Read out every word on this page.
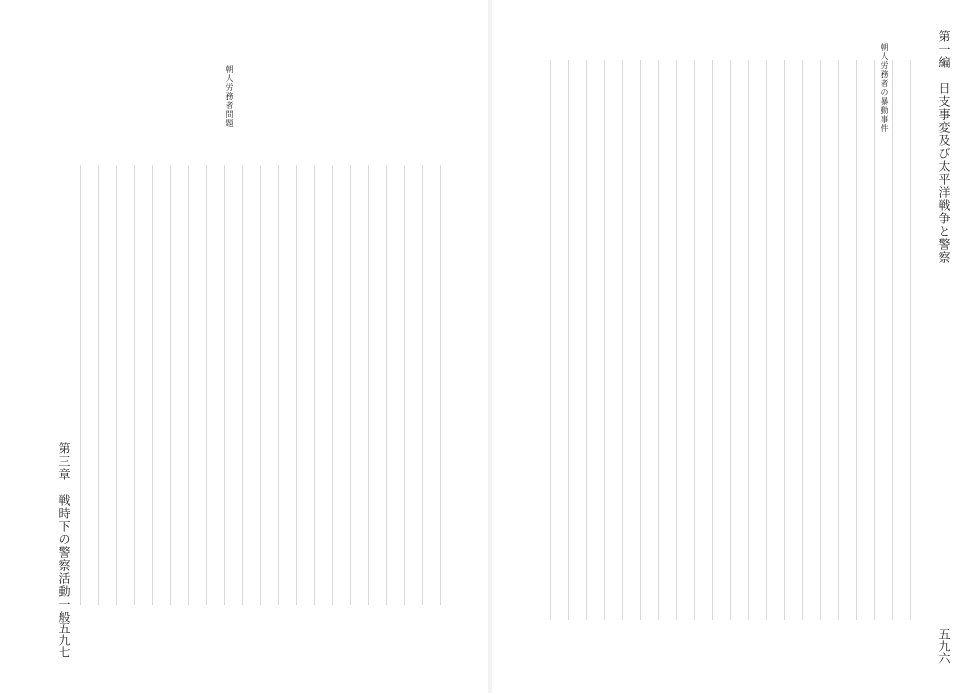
朝人労務者問題
第三章　戦時下の警察活動一般
五九七
第一編　日支事変及び太平洋戦争と警察
朝人労務者の暴動事件
五九六
